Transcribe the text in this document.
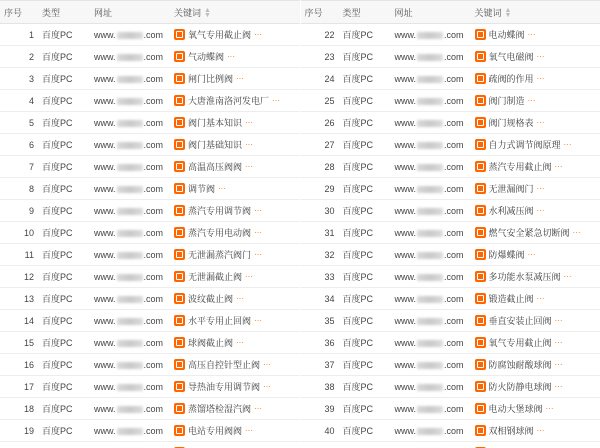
序号	类型	网址	关键词 ▲
▼

1	百度PC	www. .com	氧气专用截止阀 ···

2	百度PC	www. .com	气动蝶阀 ···

3	百度PC	www. .com	闸门比例阀 ···

4	百度PC	www. .com	大唐淮南洛河发电厂 ···

5	百度PC	www. .com	阀门基本知识 ···

6	百度PC	www. .com	阀门基础知识 ···

7	百度PC	www. .com	高温高压阀阀 ···

8	百度PC	www. .com	调节阀 ···

9	百度PC	www. .com	蒸汽专用调节阀 ···

10	百度PC	www. .com	蒸汽专用电动阀 ···

11	百度PC	www. .com	无泄漏蒸汽阀门 ···

12	百度PC	www. .com	无泄漏截止阀 ···

13	百度PC	www. .com	波纹截止阀 ···

14	百度PC	www. .com	水平专用止回阀 ···

15	百度PC	www. .com	球阀截止阀 ···

16	百度PC	www. .com	高压自控针型止阀 ···

17	百度PC	www. .com	导热油专用调节阀 ···

18	百度PC	www. .com	蒸馏塔检湿汽阀 ···

19	百度PC	www. .com	电站专用阀阀 ···

序号	类型	网址	关键词 ▲
▼

22	百度PC	www. .com	电动蝶阀 ···

23	百度PC	www. .com	氧气电磁阀 ···

24	百度PC	www. .com	疏阀的作用 ···

25	百度PC	www. .com	阀门制造 ···

26	百度PC	www. .com	阀门规格表 ···

27	百度PC	www. .com	自力式调节阀原理 ···

28	百度PC	www. .com	蒸汽专用截止阀 ···

29	百度PC	www. .com	无泄漏阀门 ···

30	百度PC	www. .com	水利减压阀 ···

31	百度PC	www. .com	燃气安全紧急切断阀 ···

32	百度PC	www. .com	防爆蝶阀 ···

33	百度PC	www. .com	多功能水泵减压阀 ···

34	百度PC	www. .com	锻造截止阀 ···

35	百度PC	www. .com	垂直安装止回阀 ···

36	百度PC	www. .com	氧气专用截止阀 ···

37	百度PC	www. .com	防腐蚀耐酸球阀 ···

38	百度PC	www. .com	防火防静电球阀 ···

39	百度PC	www. .com	电动大堡球阀 ···

40	百度PC	www. .com	双相钢球阀 ···
